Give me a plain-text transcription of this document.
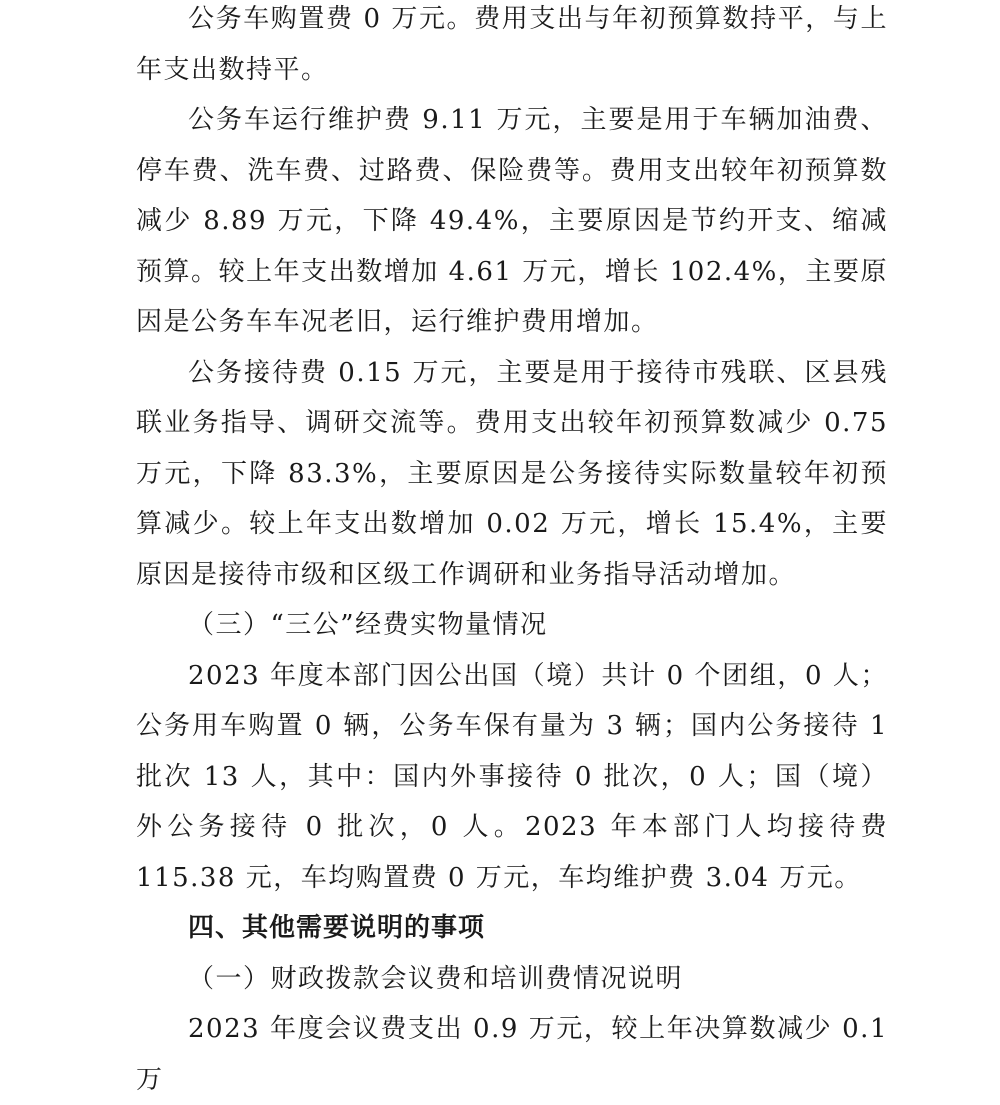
公务车购置费 0 万元。费用支出与年初预算数持平，与上年支出数持平。

公务车运行维护费 9.11 万元，主要是用于车辆加油费、停车费、洗车费、过路费、保险费等。费用支出较年初预算数减少 8.89 万元，下降 49.4%，主要原因是节约开支、缩减预算。较上年支出数增加 4.61 万元，增长 102.4%，主要原因是公务车车况老旧，运行维护费用增加。

公务接待费 0.15 万元，主要是用于接待市残联、区县残联业务指导、调研交流等。费用支出较年初预算数减少 0.75 万元，下降 83.3%，主要原因是公务接待实际数量较年初预算减少。较上年支出数增加 0.02 万元，增长 15.4%，主要原因是接待市级和区级工作调研和业务指导活动增加。

（三）“三公”经费实物量情况

2023 年度本部门因公出国（境）共计 0 个团组，0 人；公务用车购置 0 辆，公务车保有量为 3 辆；国内公务接待 1 批次 13 人，其中：国内外事接待 0 批次，0 人；国（境）外公务接待 0 批次，0 人。2023 年本部门人均接待费 115.38 元，车均购置费 0 万元，车均维护费 3.04 万元。

四、其他需要说明的事项

（一）财政拨款会议费和培训费情况说明

2023 年度会议费支出 0.9 万元，较上年决算数减少 0.1 万
